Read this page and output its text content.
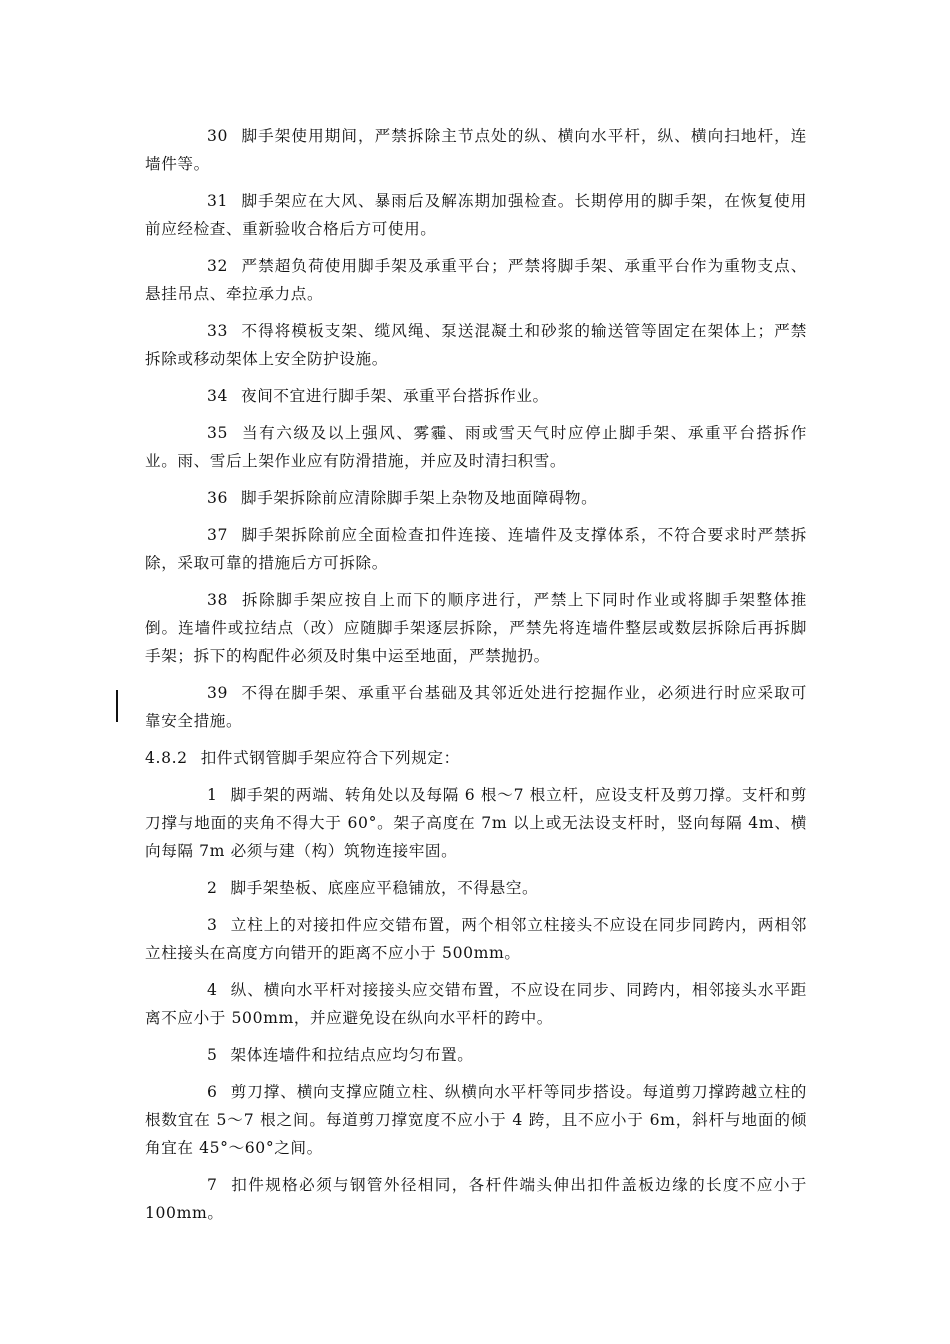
30 脚手架使用期间，严禁拆除主节点处的纵、横向水平杆，纵、横向扫地杆，连墙件等。

31 脚手架应在大风、暴雨后及解冻期加强检查。长期停用的脚手架，在恢复使用前应经检查、重新验收合格后方可使用。

32 严禁超负荷使用脚手架及承重平台；严禁将脚手架、承重平台作为重物支点、悬挂吊点、牵拉承力点。

33 不得将模板支架、缆风绳、泵送混凝土和砂浆的输送管等固定在架体上；严禁拆除或移动架体上安全防护设施。

34 夜间不宜进行脚手架、承重平台搭拆作业。

35 当有六级及以上强风、雾霾、雨或雪天气时应停止脚手架、承重平台搭拆作业。雨、雪后上架作业应有防滑措施，并应及时清扫积雪。

36 脚手架拆除前应清除脚手架上杂物及地面障碍物。

37 脚手架拆除前应全面检查扣件连接、连墙件及支撑体系，不符合要求时严禁拆除，采取可靠的措施后方可拆除。

38 拆除脚手架应按自上而下的顺序进行，严禁上下同时作业或将脚手架整体推倒。连墙件或拉结点（改）应随脚手架逐层拆除，严禁先将连墙件整层或数层拆除后再拆脚手架；拆下的构配件必须及时集中运至地面，严禁抛扔。

39 不得在脚手架、承重平台基础及其邻近处进行挖掘作业，必须进行时应采取可靠安全措施。

4.8.2 扣件式钢管脚手架应符合下列规定：

1 脚手架的两端、转角处以及每隔 6 根～7 根立杆，应设支杆及剪刀撑。支杆和剪刀撑与地面的夹角不得大于 60°。架子高度在 7m 以上或无法设支杆时，竖向每隔 4m、横向每隔 7m 必须与建（构）筑物连接牢固。

2 脚手架垫板、底座应平稳铺放，不得悬空。

3 立柱上的对接扣件应交错布置，两个相邻立柱接头不应设在同步同跨内，两相邻立柱接头在高度方向错开的距离不应小于 500mm。

4 纵、横向水平杆对接接头应交错布置，不应设在同步、同跨内，相邻接头水平距离不应小于 500mm，并应避免设在纵向水平杆的跨中。

5 架体连墙件和拉结点应均匀布置。

6 剪刀撑、横向支撑应随立柱、纵横向水平杆等同步搭设。每道剪刀撑跨越立柱的根数宜在 5～7 根之间。每道剪刀撑宽度不应小于 4 跨，且不应小于 6m，斜杆与地面的倾角宜在 45°～60°之间。

7 扣件规格必须与钢管外径相同，各杆件端头伸出扣件盖板边缘的长度不应小于 100mm。
